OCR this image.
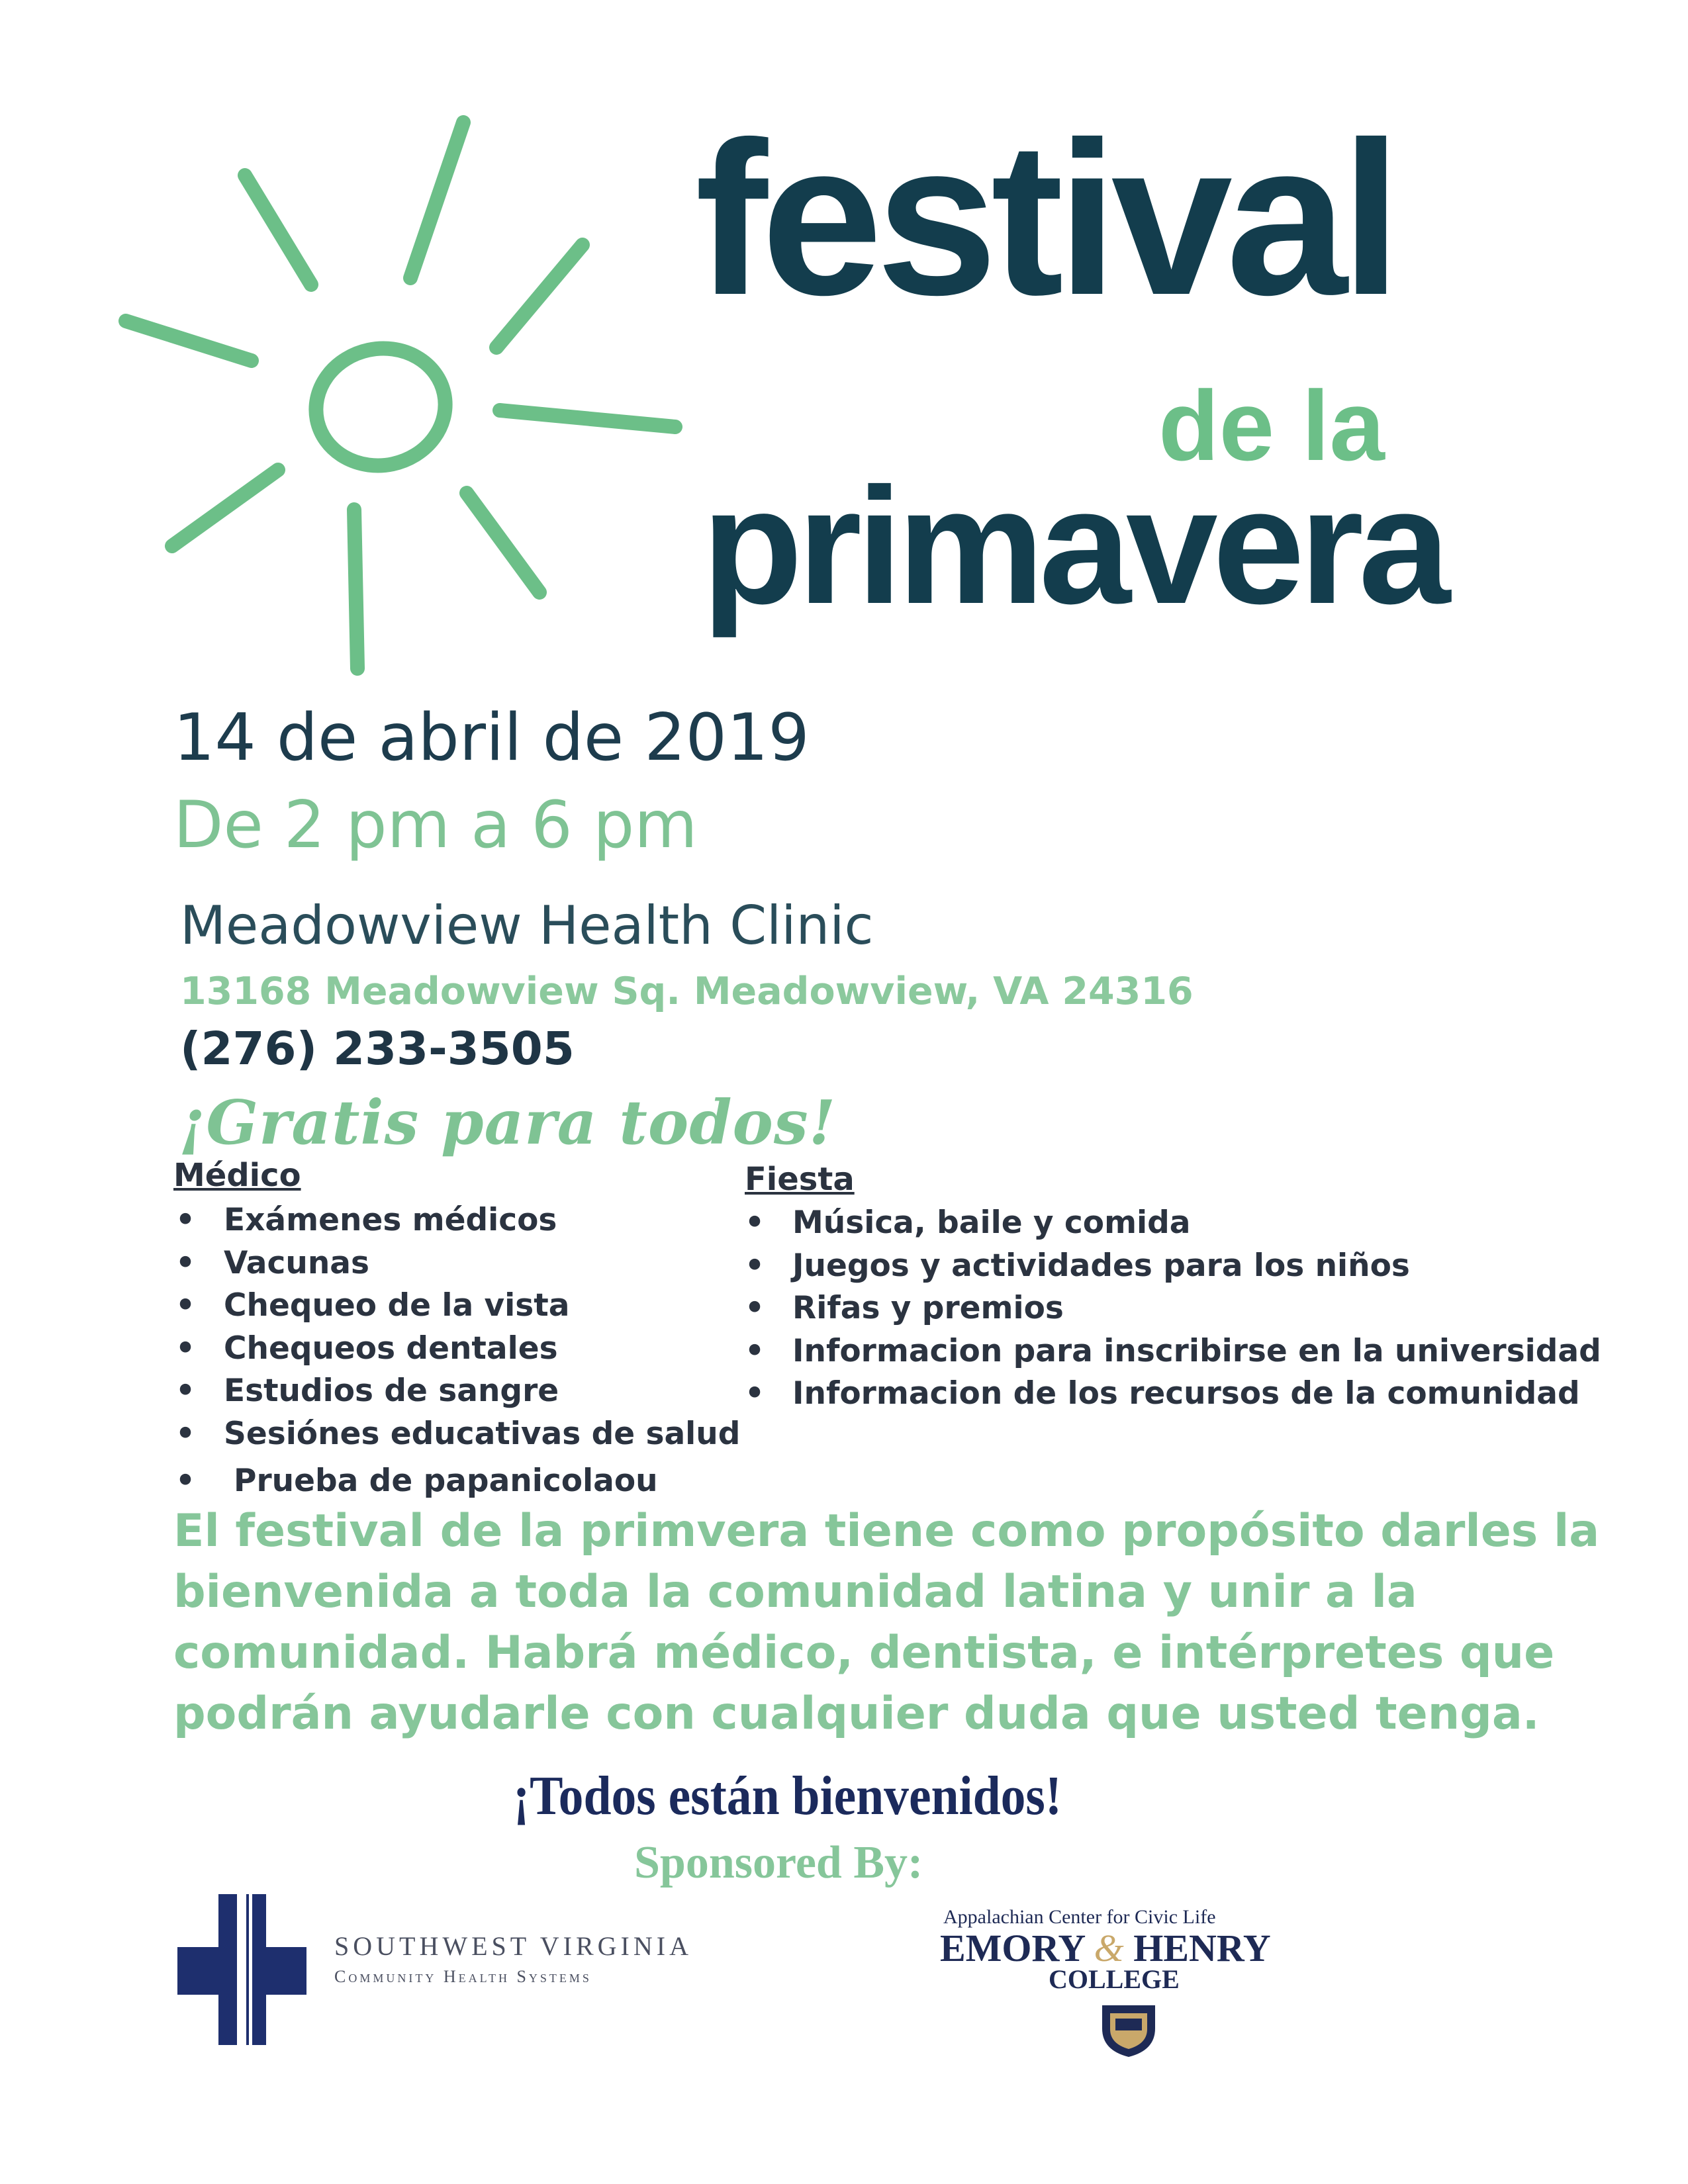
festival
de la
primavera
14 de abril de 2019
De 2 pm a 6 pm
Meadowview Health Clinic
13168 Meadowview Sq. Meadowview, VA 24316
(276) 233-3505
¡Gratis para todos!
Médico
• Exámenes médicos
• Vacunas
• Chequeo de la vista
• Chequeos dentales
• Estudios de sangre
• Sesiónes educativas de salud
• Prueba de papanicolaou
Fiesta
• Música, baile y comida
• Juegos y actividades para los niños
• Rifas y premios
• Informacion para inscribirse en la universidad
• Informacion de los recursos de la comunidad

El festival de la primvera tiene como propósito darles la bienvenida a toda la comunidad latina y unir a la comunidad. Habrá médico, dentista, e intérpretes que podrán ayudarle con cualquier duda que usted tenga.

¡Todos están bienvenidos!
Sponsored By:
SOUTHWEST VIRGINIA
Community Health Systems
Appalachian Center for Civic Life
EMORY & HENRY
COLLEGE
